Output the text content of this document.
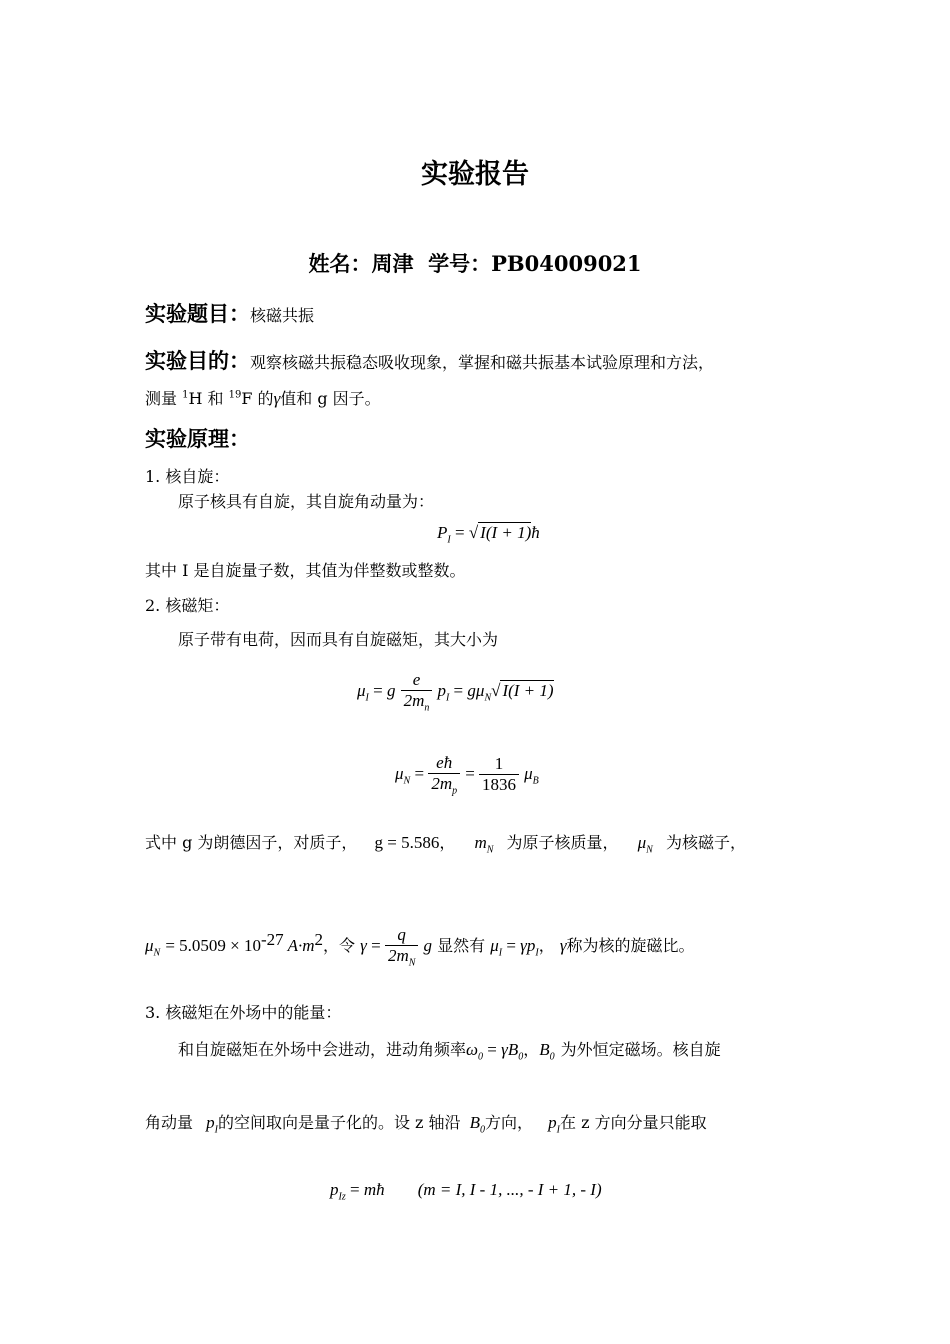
实验报告
姓名：周津 学号：PB04009021
实验题目：核磁共振
实验目的：观察核磁共振稳态吸收现象，掌握和磁共振基本试验原理和方法，
测量 $^1$H 和 $^{19}$F 的γ值和 g 因子。
实验原理：
1. 核自旋：
原子核具有自旋，其自旋角动量为：
$P_I$ = √ I(I + 1)ħ
其中 I 是自旋量子数，其值为伴整数或整数。
2. 核磁矩：
原子带有电荷，因而具有自旋磁矩，其大小为
$\mu_I = g \frac{e}{2m_n} p_I = g\mu_N√$ I(I + 1)
$\mu_N = \frac{eħ}{2m_p} = \frac{1}{1836} \mu_B$
式中 g 为朗德因子，对质子， g = 5.586， $m_N$ 为原子核质量， $\mu_N$ 为核磁子，
$\mu_N = 5.0509 \times 10^{-27}$ $A\cdot m^2$，令 $\gamma = \frac{q}{2m_N}$ g 显然有 $\mu_I = \gamma p_I$， γ称为核的旋磁比。
3. 核磁矩在外场中的能量：
和自旋磁矩在外场中会进动，进动角频率$\omega_0 = \gamma B_0$，$B_0$ 为外恒定磁场。核自旋
角动量 $p_I$的空间取向是量子化的。设 z 轴沿 $B_0$方向， $p_I$在 z 方向分量只能取
$p_{Iz}$ = mħ (m = I, I - 1, ..., - I + 1, - I)
